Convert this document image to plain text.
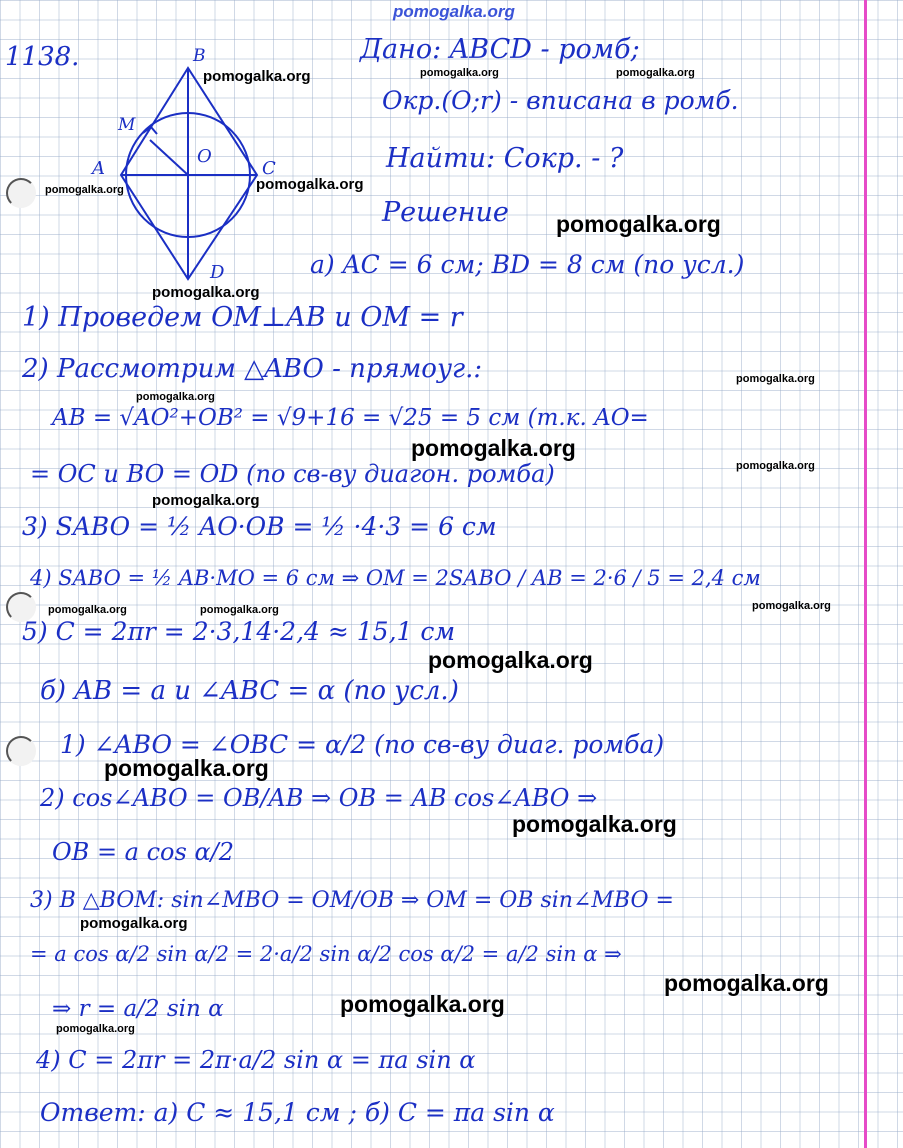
pomogalka.org
1138.	B
M
O
A	C
D
Дано: ABCD - ромб;
Окр.(O;r) - вписана в ромб.
Найти: Cокр. - ?
Решение
а) AC = 6 см; BD = 8 см (по усл.)
1) Проведем OM⊥AB и OM = r
2) Рассмотрим △ABO - прямоуг.:
AB = √AO²+OB² = √9+16 = √25 = 5 см (т.к. AO=
= OC и BO = OD (по св-ву диагон. ромба)
3) SABO = ½ AO·OB = ½ ·4·3 = 6 см
4) SABO = ½ AB·MO = 6 см ⇒ OM = 2SABO / AB = 2·6 / 5 = 2,4 см
5) C = 2πr = 2·3,14·2,4 ≈ 15,1 см
б) AB = a и ∠ABC = α (по усл.)
1) ∠ABO = ∠OBC = α/2 (по св-ву диаг. ромба)
2) cos∠ABO = OB/AB ⇒ OB = AB cos∠ABO ⇒
OB = a cos α/2
3) В △BOM: sin∠MBO = OM/OB ⇒ OM = OB sin∠MBO =
= a cos α/2 sin α/2 = 2·a/2 sin α/2 cos α/2 = a/2 sin α ⇒
⇒ r = a/2 sin α
4) C = 2πr = 2π·a/2 sin α = πa sin α
Ответ: а) C ≈ 15,1 см ; б) C = πa sin α
pomogalka.org	pomogalka.org	pomogalka.org
pomogalka.org	pomogalka.org
pomogalka.org
pomogalka.org
pomogalka.org
pomogalka.org
pomogalka.org
pomogalka.org
pomogalka.org
pomogalka.org	pomogalka.org	pomogalka.org
pomogalka.org
pomogalka.org
pomogalka.org
pomogalka.org
pomogalka.org
pomogalka.org
pomogalka.org
